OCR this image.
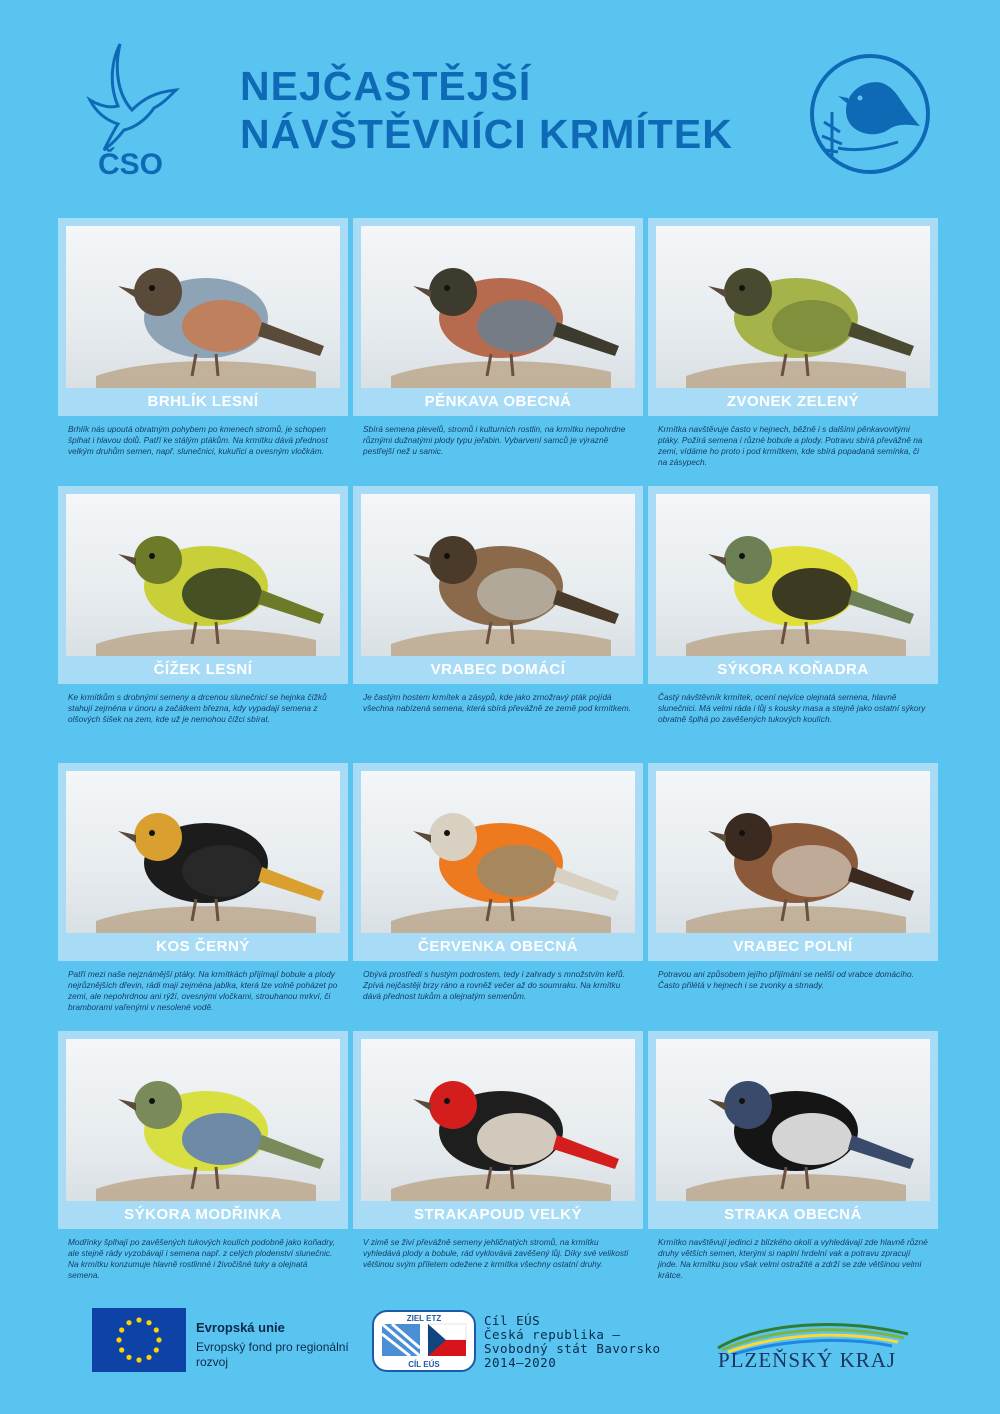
ČSO
NEJČASTĚJŠÍ
NÁVŠTĚVNÍCI KRMÍTEK
BRHLÍK LESNÍ
Brhlík nás upoutá obratným pohybem po kmenech stromů, je schopen šplhat i hlavou dolů. Patří ke stálým ptákům. Na krmítku dává přednost velkým druhům semen, např. slunečnici, kukuřici a ovesným vločkám.
PĚNKAVA OBECNÁ
Sbírá semena plevelů, stromů i kulturních rostlin, na krmítku nepohrdne různými dužnatými plody typu jeřabin. Vybarvení samců je výrazně pestřejší než u samic.
ZVONEK ZELENÝ
Krmítka navštěvuje často v hejnech, běžně i s dalšími pěnkavovitými ptáky. Požírá semena i různé bobule a plody. Potravu sbírá převážně na zemi, vídáme ho proto i pod krmítkem, kde sbírá popadaná semínka, či na zásypech.
ČÍŽEK LESNÍ
Ke krmítkům s drobnými semeny a drcenou slunečnicí se hejnka čížků stahují zejména v únoru a začátkem března, kdy vypadají semena z olšových šišek na zem, kde už je nemohou čížci sbírat.
VRABEC DOMÁCÍ
Je častým hostem krmítek a zásypů, kde jako zrnožravý pták pojídá všechna nabízená semena, která sbírá převážně ze země pod krmítkem.
SÝKORA KOŇADRA
Častý návštěvník krmítek, ocení nejvíce olejnatá semena, hlavně slunečnici. Má velmi ráda i lůj s kousky masa a stejně jako ostatní sýkory obratně šplhá po zavěšených tukových koulích.
KOS ČERNÝ
Patří mezi naše nejznámější ptáky. Na krmítkách přijímají bobule a plody nejrůznějších dřevin, rádi mají zejména jablka, která lze volně poházet po zemi, ale nepohrdnou ani rýží, ovesnými vločkami, strouhanou mrkví, či bramborami vařenými v nesolené vodě.
ČERVENKA OBECNÁ
Obývá prostředí s hustým podrostem, tedy i zahrady s množstvím keřů. Zpívá nejčastěji brzy ráno a rovněž večer až do soumraku. Na krmítku dává přednost tukům a olejnatým semenům.
VRABEC POLNÍ
Potravou ani způsobem jejího přijímání se neliší od vrabce domácího. Často přilétá v hejnech i se zvonky a strnady.
SÝKORA MODŘINKA
Modřinky šplhají po zavěšených tukových koulích podobně jako koňadry, ale stejně rády vyzobávají i semena např. z celých plodenství slunečnic. Na krmítku konzumuje hlavně rostlinné i živočišné tuky a olejnatá semena.
STRAKAPOUD VELKÝ
V zimě se živí převážně semeny jehličnatých stromů, na krmítku vyhledává plody a bobule, rád vyklovává zavěšený lůj. Díky své velikosti většinou svým příletem odežene z krmítka všechny ostatní druhy.
STRAKA OBECNÁ
Krmítko navštěvují jedinci z blízkého okolí a vyhledávají zde hlavně různé druhy větších semen, kterými si naplní hrdelní vak a potravu zpracují jinde. Na krmítku jsou však velmi ostražité a zdrží se zde většinou velmi krátce.
Evropská unie
Evropský fond pro regionální rozvoj
ZIEL ETZ
CÍL EÚS
Cíl EÚS
Česká republika –
Svobodný stát Bavorsko
2014–2020	PLZEŇSKÝ KRAJ
